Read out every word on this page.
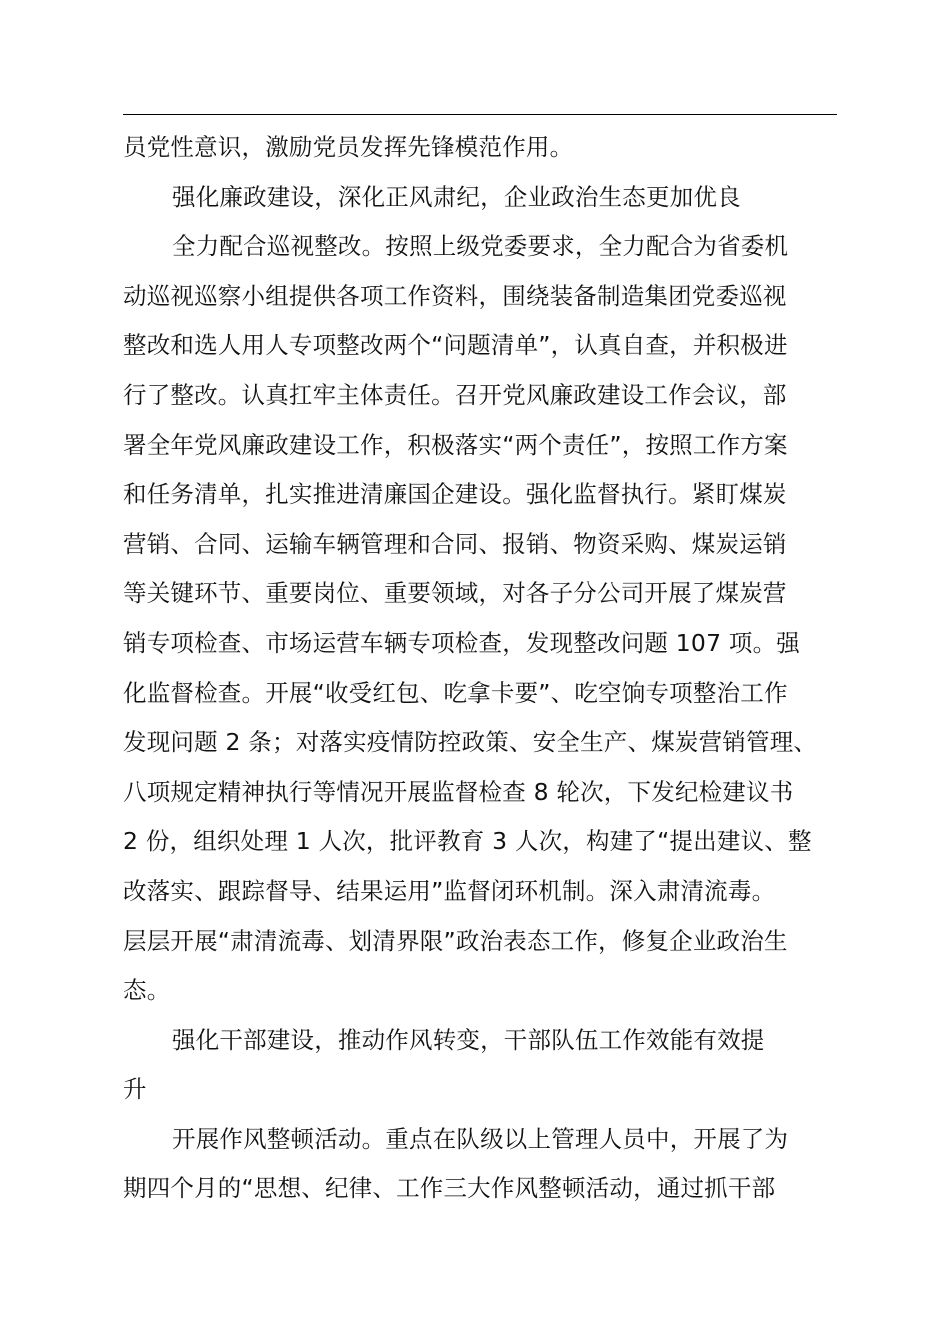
员党性意识，激励党员发挥先锋模范作用。
强化廉政建设，深化正风肃纪，企业政治生态更加优良
全力配合巡视整改。按照上级党委要求，全力配合为省委机
动巡视巡察小组提供各项工作资料，围绕装备制造集团党委巡视
整改和选人用人专项整改两个“问题清单”，认真自查，并积极进
行了整改。认真扛牢主体责任。召开党风廉政建设工作会议，部
署全年党风廉政建设工作，积极落实“两个责任”，按照工作方案
和任务清单，扎实推进清廉国企建设。强化监督执行。紧盯煤炭
营销、合同、运输车辆管理和合同、报销、物资采购、煤炭运销
等关键环节、重要岗位、重要领域，对各子分公司开展了煤炭营
销专项检查、市场运营车辆专项检查，发现整改问题 107 项。强
化监督检查。开展“收受红包、吃拿卡要”、吃空饷专项整治工作
发现问题 2 条；对落实疫情防控政策、安全生产、煤炭营销管理、
八项规定精神执行等情况开展监督检查 8 轮次，下发纪检建议书
2 份，组织处理 1 人次，批评教育 3 人次，构建了“提出建议、整
改落实、跟踪督导、结果运用”监督闭环机制。深入肃清流毒。
层层开展“肃清流毒、划清界限”政治表态工作，修复企业政治生
态。
强化干部建设，推动作风转变，干部队伍工作效能有效提
升
开展作风整顿活动。重点在队级以上管理人员中，开展了为
期四个月的“思想、纪律、工作三大作风整顿活动，通过抓干部
